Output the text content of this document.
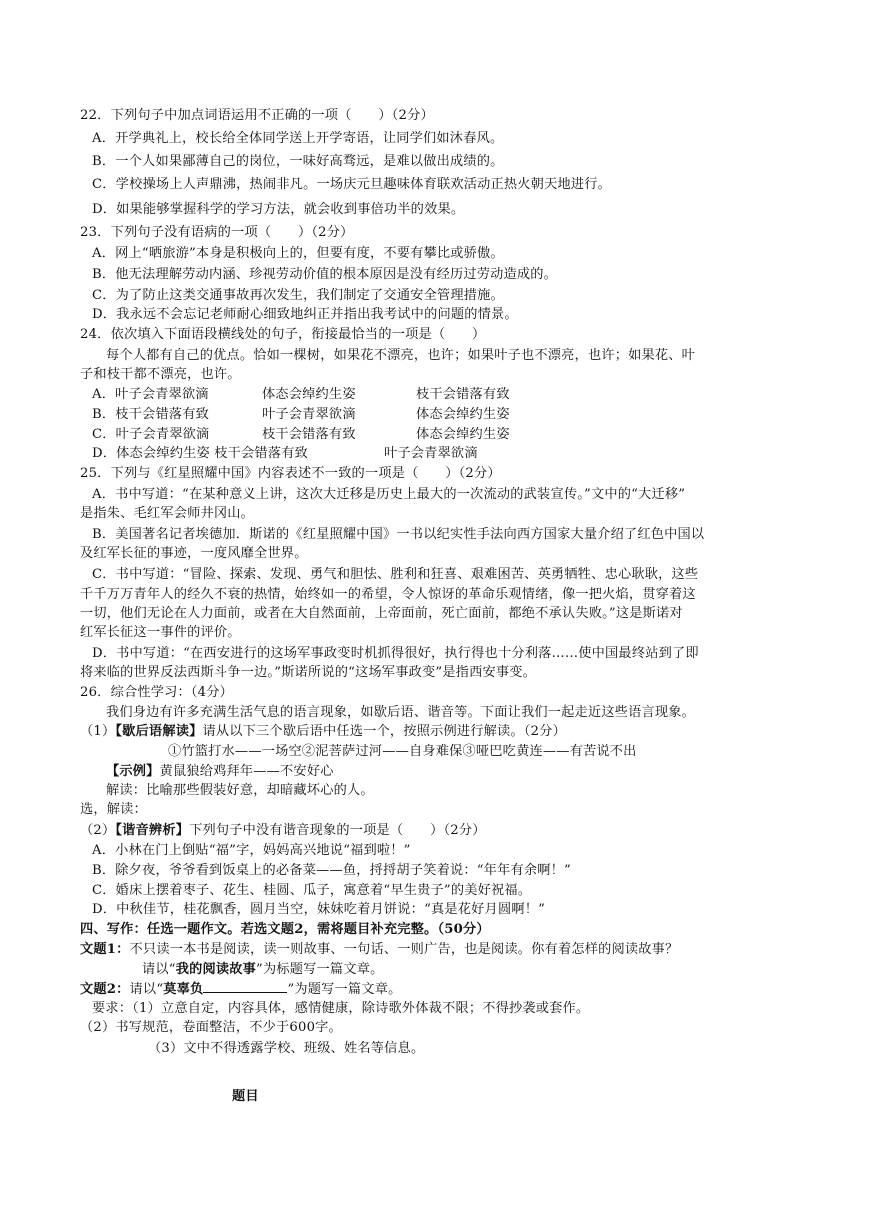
22．下列句子中加点词语运用不正确的一项（　　）（2分）
A．开学典礼上，校长给全体同学送上开学寄语，让同学们如沐春风。
B．一个人如果鄙薄自己的岗位，一味好高骛远，是难以做出成绩的。
C．学校操场上人声鼎沸，热闹非凡。一场庆元旦趣味体育联欢活动正热火朝天地进行。
D．如果能够掌握科学的学习方法，就会收到事倍功半的效果。
23．下列句子没有语病的一项（　　）（2分）
A．网上“晒旅游”本身是积极向上的，但要有度，不要有攀比或骄傲。
B．他无法理解劳动内涵、珍视劳动价值的根本原因是没有经历过劳动造成的。
C．为了防止这类交通事故再次发生，我们制定了交通安全管理措施。
D．我永远不会忘记老师耐心细致地纠正并指出我考试中的问题的情景。
24．依次填入下面语段横线处的句子，衔接最恰当的一项是（　　）
每个人都有自己的优点。恰如一棵树，如果花不漂亮，也许；如果叶子也不漂亮，也许；如果花、叶
子和枝干都不漂亮，也许。
A．叶子会青翠欲滴	体态会绰约生姿	枝干会错落有致
B．枝干会错落有致	叶子会青翠欲滴	体态会绰约生姿
C．叶子会青翠欲滴	枝干会错落有致	体态会绰约生姿
D．体态会绰约生姿 枝干会错落有致	叶子会青翠欲滴
25．下列与《红星照耀中国》内容表述不一致的一项是（　　）（2分）
A．书中写道：“在某种意义上讲，这次大迁移是历史上最大的一次流动的武装宣传。”文中的“大迁移”
是指朱、毛红军会师井冈山。
B．美国著名记者埃德加．斯诺的《红星照耀中国》一书以纪实性手法向西方国家大量介绍了红色中国以
及红军长征的事迹，一度风靡全世界。
C．书中写道：“冒险、探索、发现、勇气和胆怯、胜利和狂喜、艰难困苦、英勇牺牲、忠心耿耿，这些
千千万万青年人的经久不衰的热情，始终如一的希望，令人惊讶的革命乐观情绪，像一把火焰，贯穿着这
一切，他们无论在人力面前，或者在大自然面前，上帝面前，死亡面前，都绝不承认失败。”这是斯诺对
红军长征这一事件的评价。
D．书中写道：“在西安进行的这场军事政变时机抓得很好，执行得也十分利落……使中国最终站到了即
将来临的世界反法西斯斗争一边。”斯诺所说的“这场军事政变”是指西安事变。
26．综合性学习：（4分）
我们身边有许多充满生活气息的语言现象，如歇后语、谐音等。下面让我们一起走近这些语言现象。
（1）【歇后语解读】请从以下三个歇后语中任选一个，按照示例进行解读。（2分）
①竹篮打水——一场空②泥菩萨过河——自身难保③哑巴吃黄连——有苦说不出
【示例】黄鼠狼给鸡拜年——不安好心
解读：比喻那些假装好意，却暗藏坏心的人。
选，解读：
（2）【谐音辨析】下列句子中没有谐音现象的一项是（　　）（2分）
A．小林在门上倒贴“福”字，妈妈高兴地说“福到啦！”
B．除夕夜，爷爷看到饭桌上的必备菜——鱼，捋捋胡子笑着说：“年年有余啊！”
C．婚床上摆着枣子、花生、桂圆、瓜子，寓意着“早生贵子”的美好祝福。
D．中秋佳节，桂花飘香，圆月当空，妹妹吃着月饼说：“真是花好月圆啊！”
四、写作：任选一题作文。若选文题2，需将题目补充完整。（50分）
文题1：不只读一本书是阅读，读一则故事、一句话、一则广告，也是阅读。你有着怎样的阅读故事？
请以“我的阅读故事”为标题写一篇文章。
文题2：请以“莫辜负	”为题写一篇文章。
要求：（1）立意自定，内容具体，感情健康，除诗歌外体裁不限；不得抄袭或套作。
（2）书写规范，卷面整洁，不少于600字。
（3）文中不得透露学校、班级、姓名等信息。
题目
